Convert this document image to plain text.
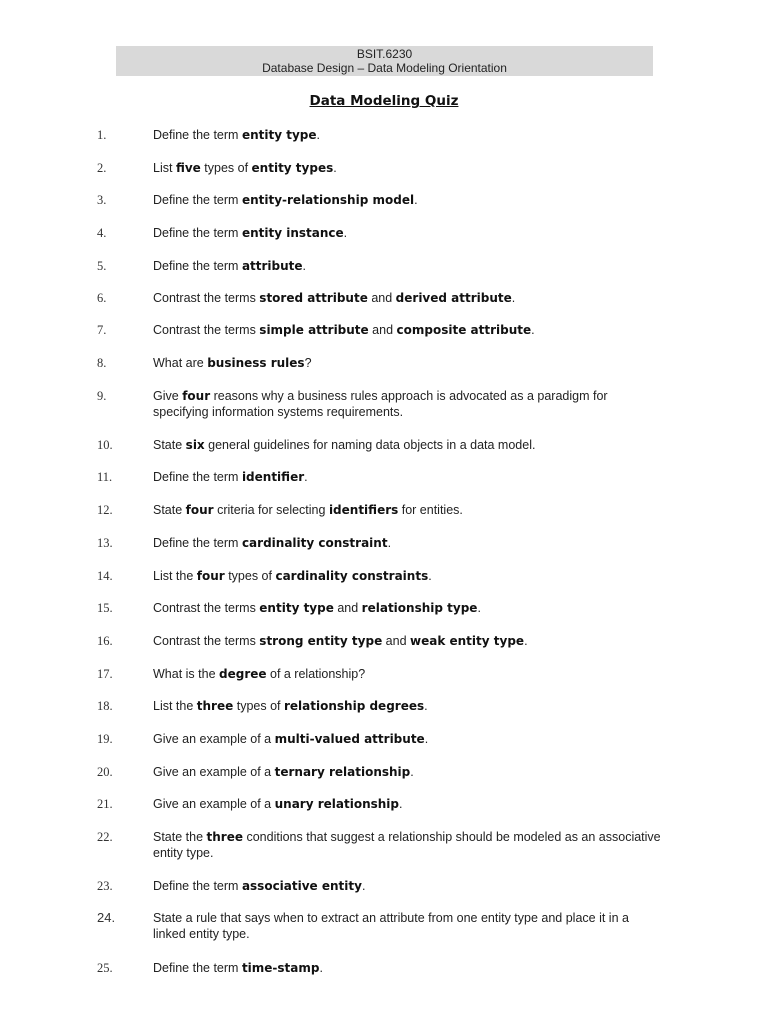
BSIT.6230
Database Design – Data Modeling Orientation
Data Modeling Quiz
1.	Define the term entity type.
2.	List five types of entity types.
3.	Define the term entity-relationship model.
4.	Define the term entity instance.
5.	Define the term attribute.
6.	Contrast the terms stored attribute and derived attribute.
7.	Contrast the terms simple attribute and composite attribute.
8.	What are business rules?
9.	Give four reasons why a business rules approach is advocated as a paradigm for specifying information systems requirements.
10.	State six general guidelines for naming data objects in a data model.
11.	Define the term identifier.
12.	State four criteria for selecting identifiers for entities.
13.	Define the term cardinality constraint.
14.	List the four types of cardinality constraints.
15.	Contrast the terms entity type and relationship type.
16.	Contrast the terms strong entity type and weak entity type.
17.	What is the degree of a relationship?
18.	List the three types of relationship degrees.
19.	Give an example of a multi-valued attribute.
20.	Give an example of a ternary relationship.
21.	Give an example of a unary relationship.
22.	State the three conditions that suggest a relationship should be modeled as an associative entity type.
23.	Define the term associative entity.
24.	State a rule that says when to extract an attribute from one entity type and place it in a linked entity type.
25.	Define the term time-stamp.
